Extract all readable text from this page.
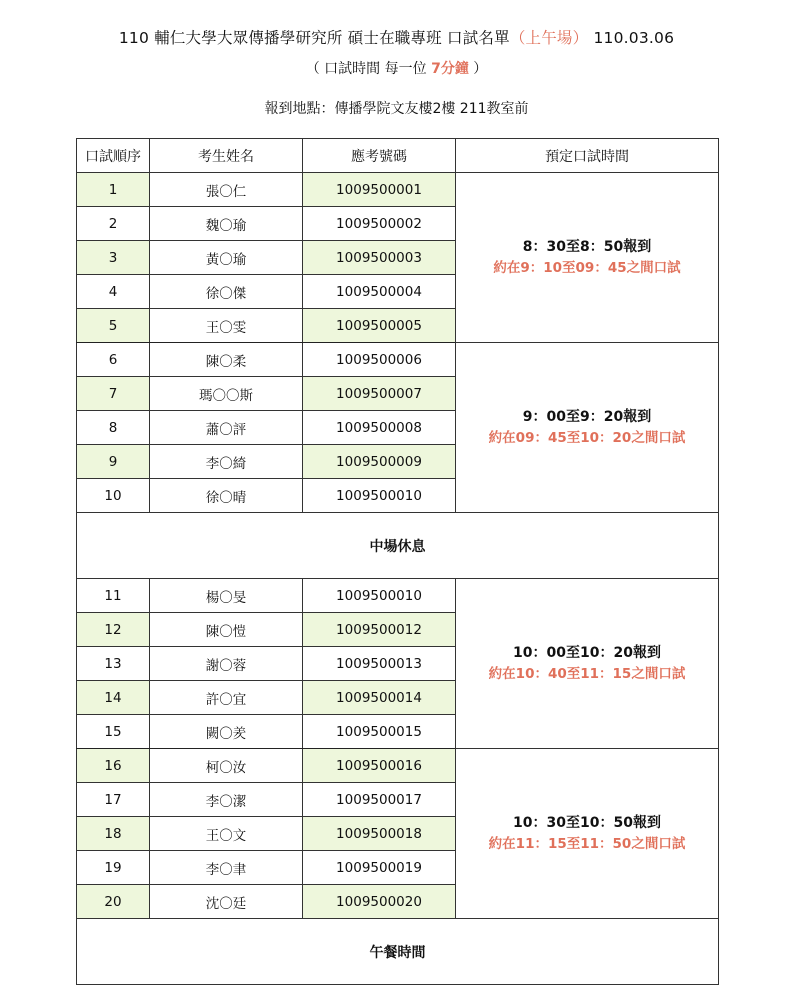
110 輔仁大學大眾傳播學研究所 碩士在職專班 口試名單（上午場） 110.03.06
（ 口試時間 每一位 7分鐘 ）
報到地點：傳播學院文友樓2樓 211教室前
口試順序	考生姓名	應考號碼	預定口試時間
1	張〇仁	1009500001	8：30至8：50報到
約在9：10至09：45之間口試

2	魏〇瑜	1009500002	
3	黃〇瑜	1009500003	
4	徐〇傑	1009500004	
5	王〇雯	1009500005	
6	陳〇柔	1009500006	9：00至9：20報到
約在09：45至10：20之間口試

7	瑪〇〇斯	1009500007	
8	蕭〇評	1009500008	
9	李〇綺	1009500009	
10	徐〇晴	1009500010	
中場休息			
11	楊〇旻	1009500010	10：00至10：20報到
約在10：40至11：15之間口試

12	陳〇愷	1009500012	
13	謝〇蓉	1009500013	
14	許〇宜	1009500014	
15	闕〇羑	1009500015	
16	柯〇汝	1009500016	10：30至10：50報到
約在11：15至11：50之間口試

17	李〇潔	1009500017	
18	王〇文	1009500018	
19	李〇聿	1009500019	
20	沈〇廷	1009500020	
午餐時間			
